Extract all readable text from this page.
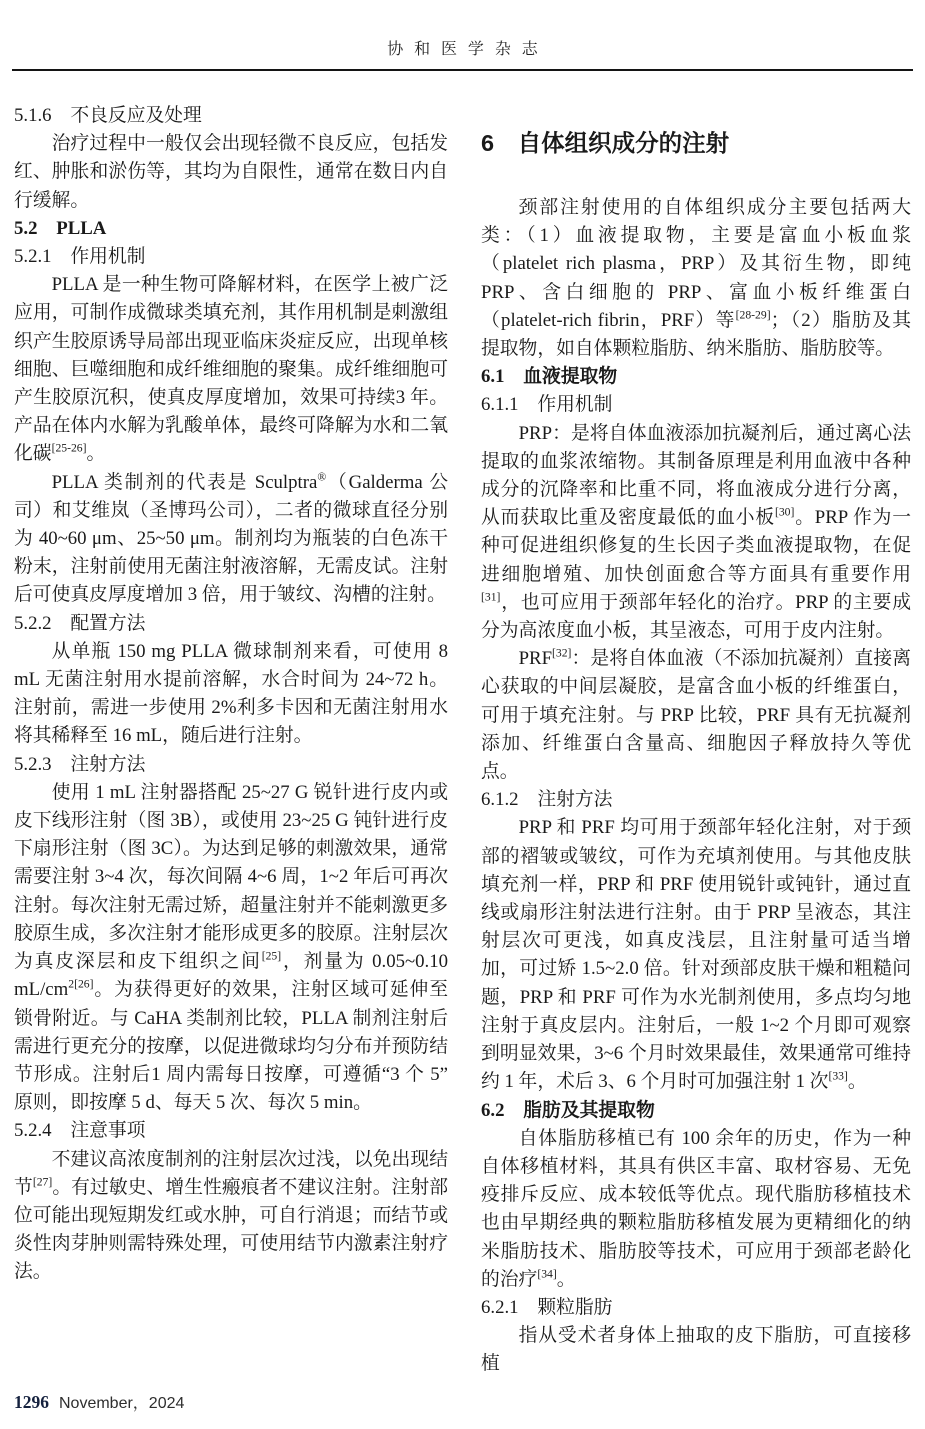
协和医学杂志
5.1.6　不良反应及处理

治疗过程中一般仅会出现轻微不良反应，包括发红、肿胀和淤伤等，其均为自限性，通常在数日内自行缓解。

5.2　PLLA
5.2.1　作用机制

PLLA 是一种生物可降解材料，在医学上被广泛应用，可制作成微球类填充剂，其作用机制是刺激组织产生胶原诱导局部出现亚临床炎症反应，出现单核细胞、巨噬细胞和成纤维细胞的聚集。成纤维细胞可产生胶原沉积，使真皮厚度增加，效果可持续3 年。产品在体内水解为乳酸单体，最终可降解为水和二氧化碳[25-26]。

PLLA 类制剂的代表是 Sculptra®（Galderma 公司）和艾维岚（圣博玛公司），二者的微球直径分别为 40~60 μm、25~50 μm。制剂均为瓶装的白色冻干粉末，注射前使用无菌注射液溶解，无需皮试。注射后可使真皮厚度增加 3 倍，用于皱纹、沟槽的注射。

5.2.2　配置方法

从单瓶 150 mg PLLA 微球制剂来看，可使用 8 mL 无菌注射用水提前溶解，水合时间为 24~72 h。注射前，需进一步使用 2%利多卡因和无菌注射用水将其稀释至 16 mL，随后进行注射。

5.2.3　注射方法

使用 1 mL 注射器搭配 25~27 G 锐针进行皮内或皮下线形注射（图 3B），或使用 23~25 G 钝针进行皮下扇形注射（图 3C）。为达到足够的刺激效果，通常需要注射 3~4 次，每次间隔 4~6 周，1~2 年后可再次注射。每次注射无需过矫，超量注射并不能刺激更多胶原生成，多次注射才能形成更多的胶原。注射层次为真皮深层和皮下组织之间[25]，剂量为 0.05~0.10 $mL/cm^{2[26]}$。为获得更好的效果，注射区域可延伸至锁骨附近。与 CaHA 类制剂比较，PLLA 制剂注射后需进行更充分的按摩，以促进微球均匀分布并预防结节形成。注射后1 周内需每日按摩，可遵循“3 个 5”原则，即按摩 5 d、每天 5 次、每次 5 min。

5.2.4　注意事项

不建议高浓度制剂的注射层次过浅，以免出现结节[27]。有过敏史、增生性瘢痕者不建议注射。注射部位可能出现短期发红或水肿，可自行消退；而结节或炎性肉芽肿则需特殊处理，可使用结节内激素注射疗法。

6　自体组织成分的注射

颈部注射使用的自体组织成分主要包括两大类：（1）血液提取物，主要是富血小板血浆（platelet rich plasma，PRP）及其衍生物，即纯 PRP、含白细胞的 PRP、富血小板纤维蛋白（platelet-rich fibrin，PRF）等[28-29]；（2）脂肪及其提取物，如自体颗粒脂肪、纳米脂肪、脂肪胶等。

6.1　血液提取物
6.1.1　作用机制

PRP：是将自体血液添加抗凝剂后，通过离心法提取的血浆浓缩物。其制备原理是利用血液中各种成分的沉降率和比重不同，将血液成分进行分离，从而获取比重及密度最低的血小板[30]。PRP 作为一种可促进组织修复的生长因子类血液提取物，在促进细胞增殖、加快创面愈合等方面具有重要作用[31]，也可应用于颈部年轻化的治疗。PRP 的主要成分为高浓度血小板，其呈液态，可用于皮内注射。

PRF[32]：是将自体血液（不添加抗凝剂）直接离心获取的中间层凝胶，是富含血小板的纤维蛋白，可用于填充注射。与 PRP 比较，PRF 具有无抗凝剂添加、纤维蛋白含量高、细胞因子释放持久等优点。

6.1.2　注射方法

PRP 和 PRF 均可用于颈部年轻化注射，对于颈部的褶皱或皱纹，可作为充填剂使用。与其他皮肤填充剂一样，PRP 和 PRF 使用锐针或钝针，通过直线或扇形注射法进行注射。由于 PRP 呈液态，其注射层次可更浅，如真皮浅层，且注射量可适当增加，可过矫 1.5~2.0 倍。针对颈部皮肤干燥和粗糙问题，PRP 和 PRF 可作为水光制剂使用，多点均匀地注射于真皮层内。注射后，一般 1~2 个月即可观察到明显效果，3~6 个月时效果最佳，效果通常可维持约 1 年，术后 3、6 个月时可加强注射 1 次[33]。

6.2　脂肪及其提取物

自体脂肪移植已有 100 余年的历史，作为一种自体移植材料，其具有供区丰富、取材容易、无免疫排斥反应、成本较低等优点。现代脂肪移植技术也由早期经典的颗粒脂肪移植发展为更精细化的纳米脂肪技术、脂肪胶等技术，可应用于颈部老龄化的治疗[34]。

6.2.1　颗粒脂肪

指从受术者身体上抽取的皮下脂肪，可直接移植

1296 November，2024
